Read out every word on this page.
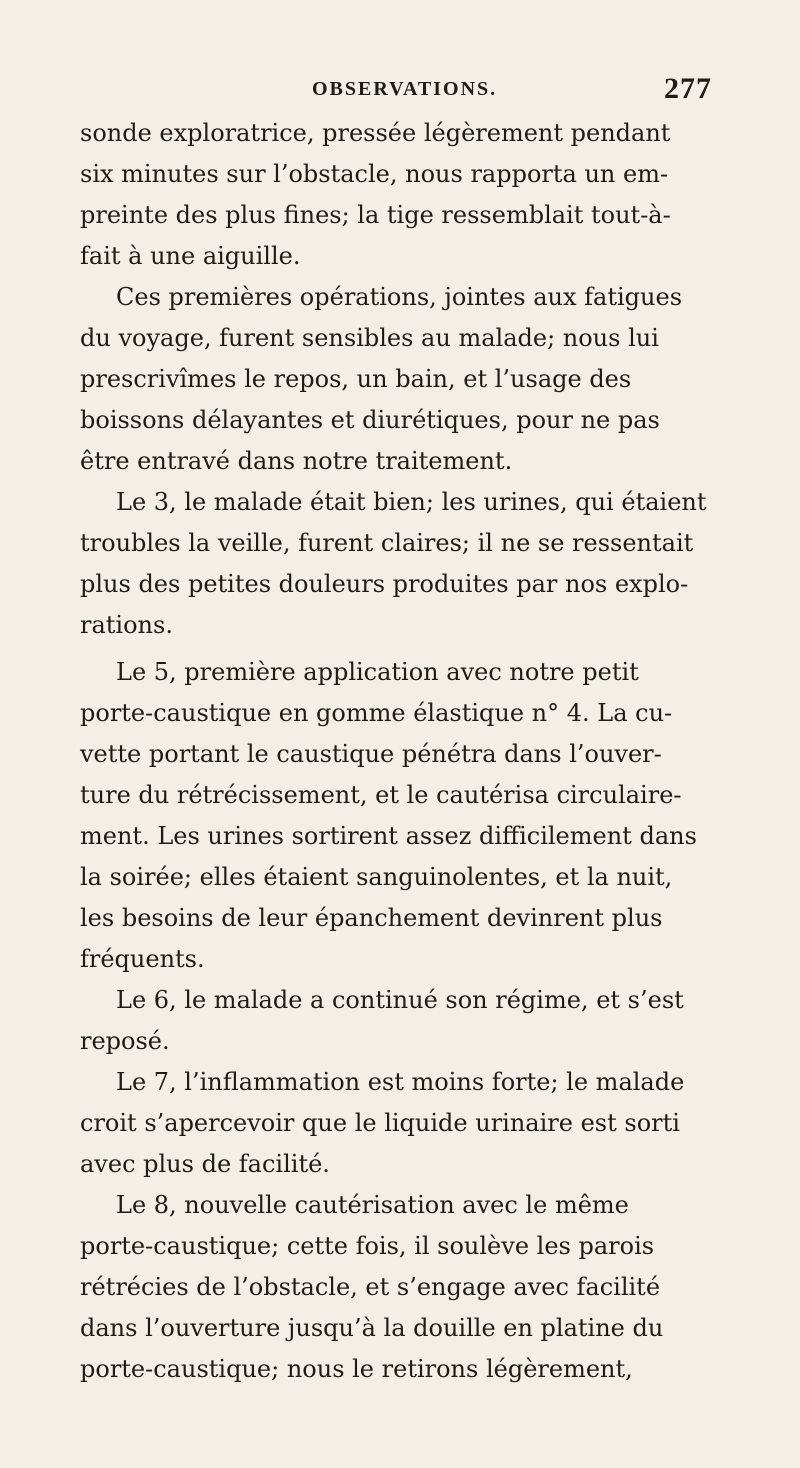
OBSERVATIONS.	277
sonde exploratrice, pressée légèrement pendant
six minutes sur l’obstacle, nous rapporta un em-
preinte des plus fines; la tige ressemblait tout-à-
fait à une aiguille.
Ces premières opérations, jointes aux fatigues
du voyage, furent sensibles au malade; nous lui
prescrivîmes le repos, un bain, et l’usage des
boissons délayantes et diurétiques, pour ne pas
être entravé dans notre traitement.
Le 3, le malade était bien; les urines, qui étaient
troubles la veille, furent claires; il ne se ressentait
plus des petites douleurs produites par nos explo-
rations.
Le 5, première application avec notre petit
porte-caustique en gomme élastique n° 4. La cu-
vette portant le caustique pénétra dans l’ouver-
ture du rétrécissement, et le cautérisa circulaire-
ment. Les urines sortirent assez difficilement dans
la soirée; elles étaient sanguinolentes, et la nuit,
les besoins de leur épanchement devinrent plus
fréquents.
Le 6, le malade a continué son régime, et s’est
reposé.
Le 7, l’inflammation est moins forte; le malade
croit s’apercevoir que le liquide urinaire est sorti
avec plus de facilité.
Le 8, nouvelle cautérisation avec le même
porte-caustique; cette fois, il soulève les parois
rétrécies de l’obstacle, et s’engage avec facilité
dans l’ouverture jusqu’à la douille en platine du
porte-caustique; nous le retirons légèrement,
